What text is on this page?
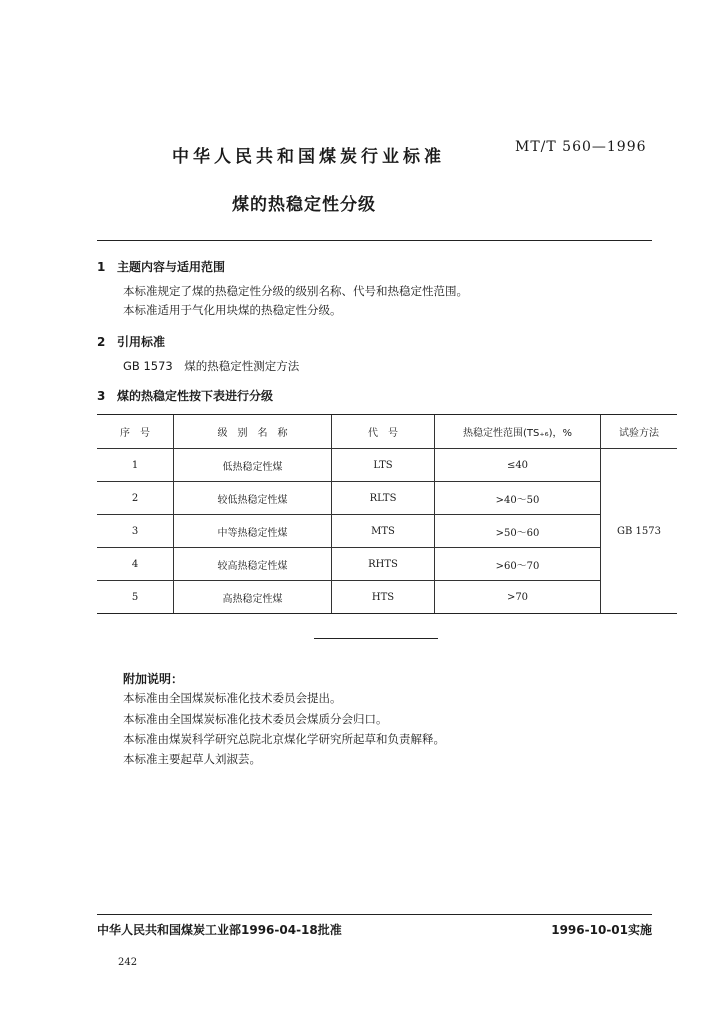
中华人民共和国煤炭行业标准	MT/T 560—1996
煤的热稳定性分级
1 主题内容与适用范围
本标准规定了煤的热稳定性分级的级别名称、代号和热稳定性范围。
本标准适用于气化用块煤的热稳定性分级。
2 引用标准
GB 1573　煤的热稳定性测定方法
3 煤的热稳定性按下表进行分级
序　号	级　别　名　称	代　号	热稳定性范围(TS₊₆)，%	试验方法
1	低热稳定性煤	LTS	≤40	GB 1573
2	较低热稳定性煤	RLTS	>40～50	
3	中等热稳定性煤	MTS	>50～60	
4	较高热稳定性煤	RHTS	>60～70	
5	高热稳定性煤	HTS	>70	
附加说明：
本标准由全国煤炭标准化技术委员会提出。
本标准由全国煤炭标准化技术委员会煤质分会归口。
本标准由煤炭科学研究总院北京煤化学研究所起草和负责解释。
本标准主要起草人刘淑芸。
中华人民共和国煤炭工业部1996-04-18批准	1996-10-01实施
242
